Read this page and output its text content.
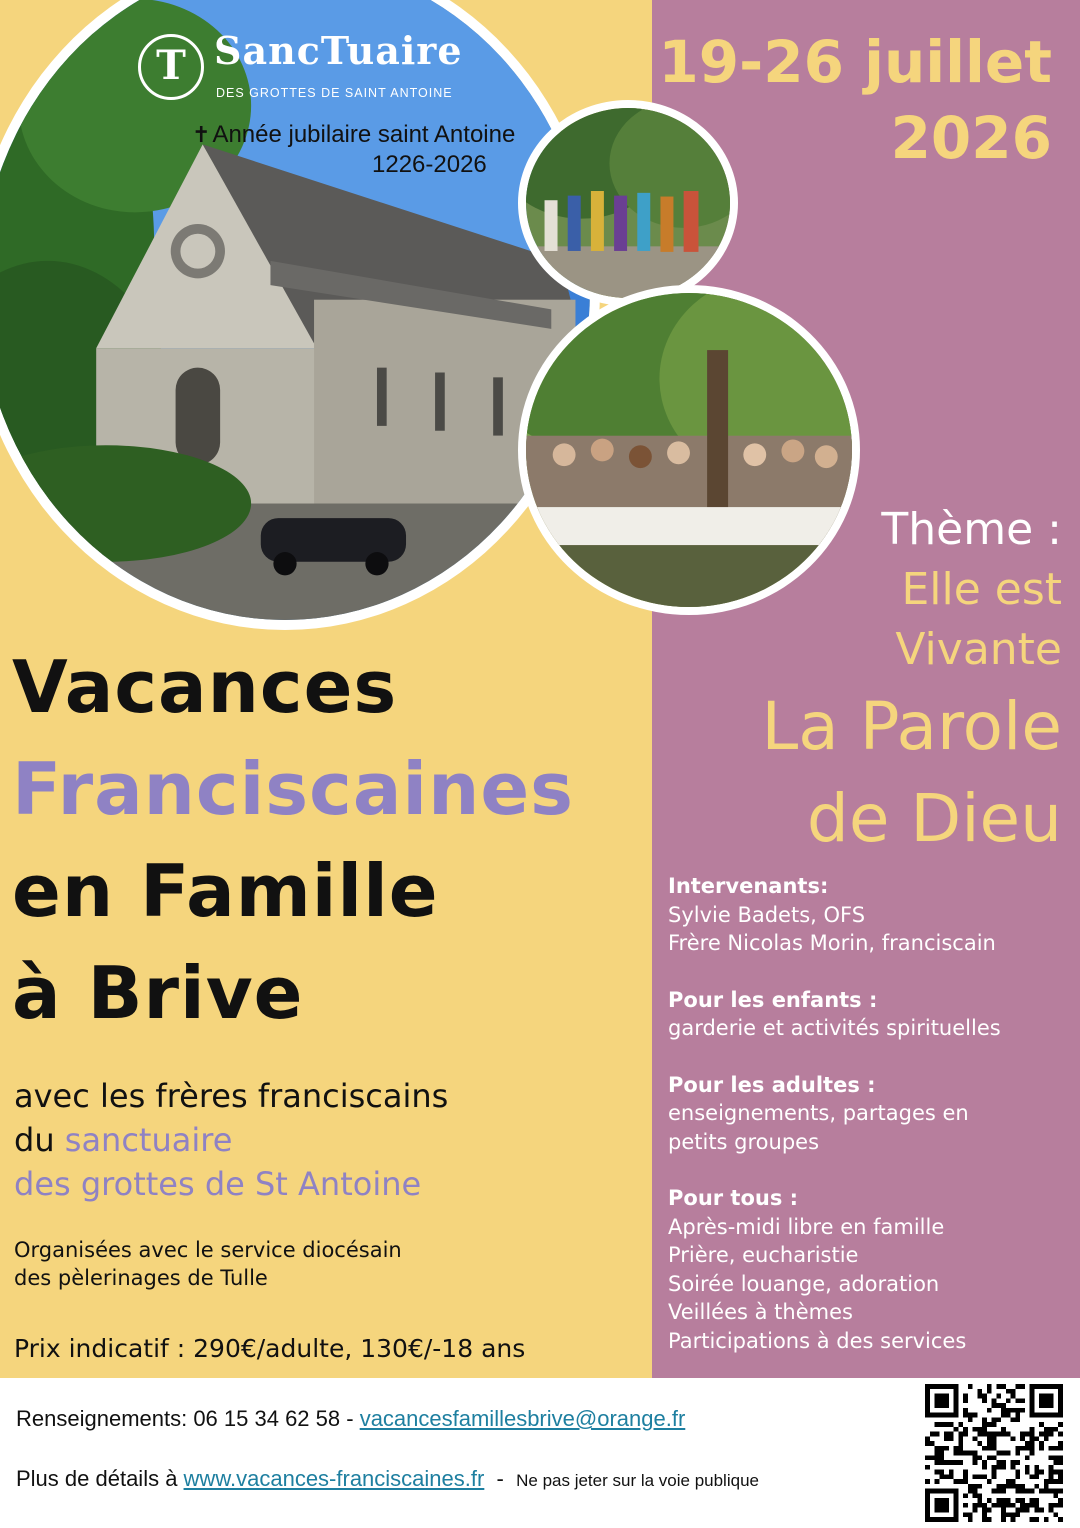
T SancTuaire
DES GROTTES DE SAINT ANTOINE
✝Année jubilaire saint Antoine
1226-2026
19-26 juillet
2026
Thème :
Elle est
Vivante
La Parole
de Dieu
Vacances
Franciscaines
en Famille
à Brive
avec les frères franciscains
du sanctuaire
des grottes de St Antoine
Organisées avec le service diocésain
des pèlerinages de Tulle
Prix indicatif : 290€/adulte, 130€/-18 ans
Intervenants:
Sylvie Badets, OFS
Frère Nicolas Morin, franciscain
Pour les enfants :
garderie et activités spirituelles
Pour les adultes :
enseignements, partages en
petits groupes
Pour tous :
Après-midi libre en famille
Prière, eucharistie
Soirée louange, adoration
Veillées à thèmes
Participations à des services
Renseignements: 06 15 34 62 58 - vacancesfamillesbrive@orange.fr
Plus de détails à www.vacances-franciscaines.fr  -  Ne pas jeter sur la voie publique
